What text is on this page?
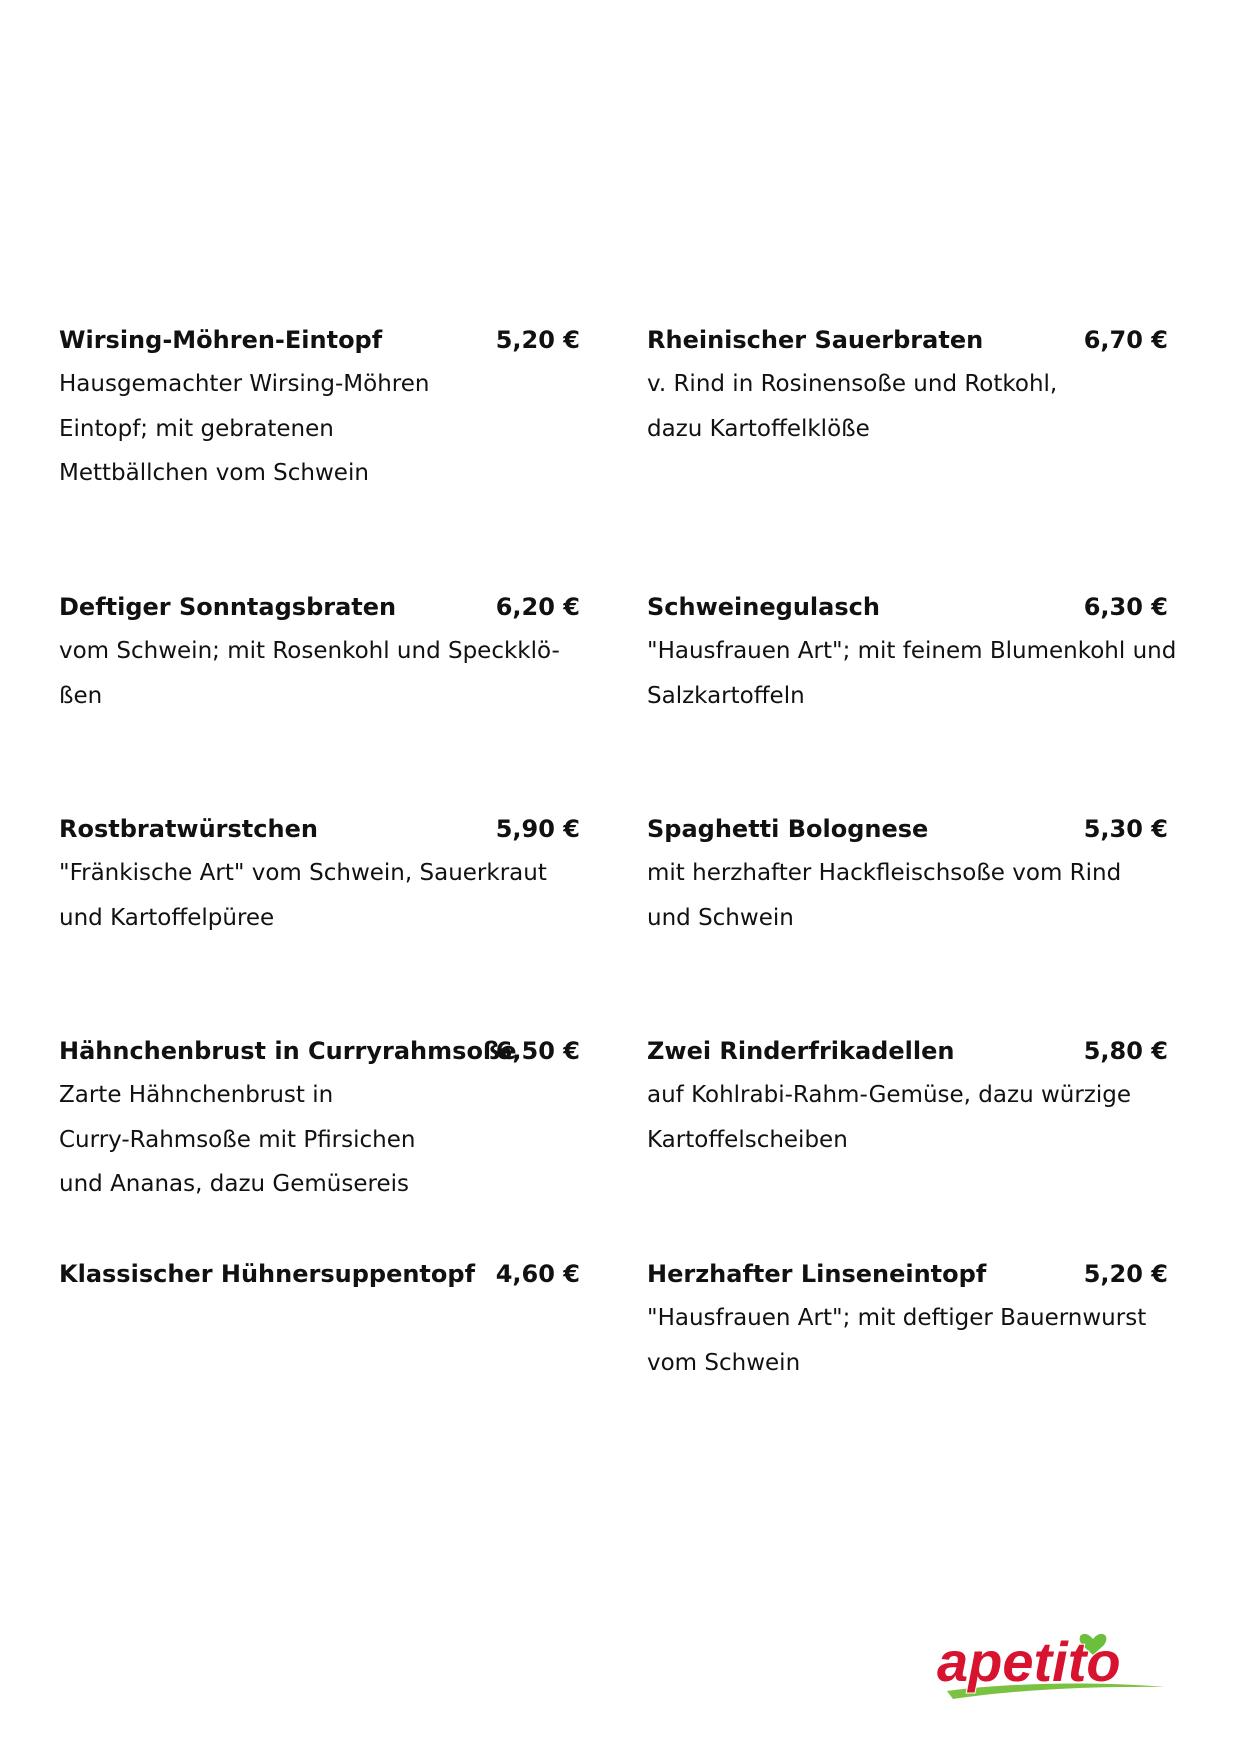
Wirsing-Möhren-Eintopf	5,20 €
Hausgemachter Wirsing-Möhren
Eintopf; mit gebratenen
Mettbällchen vom Schwein
Deftiger Sonntagsbraten	6,20 €
vom Schwein; mit Rosenkohl und Speckklö-
ßen
Rostbratwürstchen	5,90 €
"Fränkische Art" vom Schwein, Sauerkraut
und Kartoffelpüree
Hähnchenbrust in Curryrahmsoße
6,50 €
Zarte Hähnchenbrust in
Curry-Rahmsoße mit Pfirsichen
und Ananas, dazu Gemüsereis
Klassischer Hühnersuppentopf 4,60 €
Rheinischer Sauerbraten	6,70 €
v. Rind in Rosinensoße und Rotkohl,
dazu Kartoffelklöße
Schweinegulasch	6,30 €
"Hausfrauen Art"; mit feinem Blumenkohl und
Salzkartoffeln
Spaghetti Bolognese	5,30 €
mit herzhafter Hackfleischsoße vom Rind
und Schwein
Zwei Rinderfrikadellen	5,80 €
auf Kohlrabi-Rahm-Gemüse, dazu würzige
Kartoffelscheiben
Herzhafter Linseneintopf	5,20 €
"Hausfrauen Art"; mit deftiger Bauernwurst
vom Schwein
apetito
